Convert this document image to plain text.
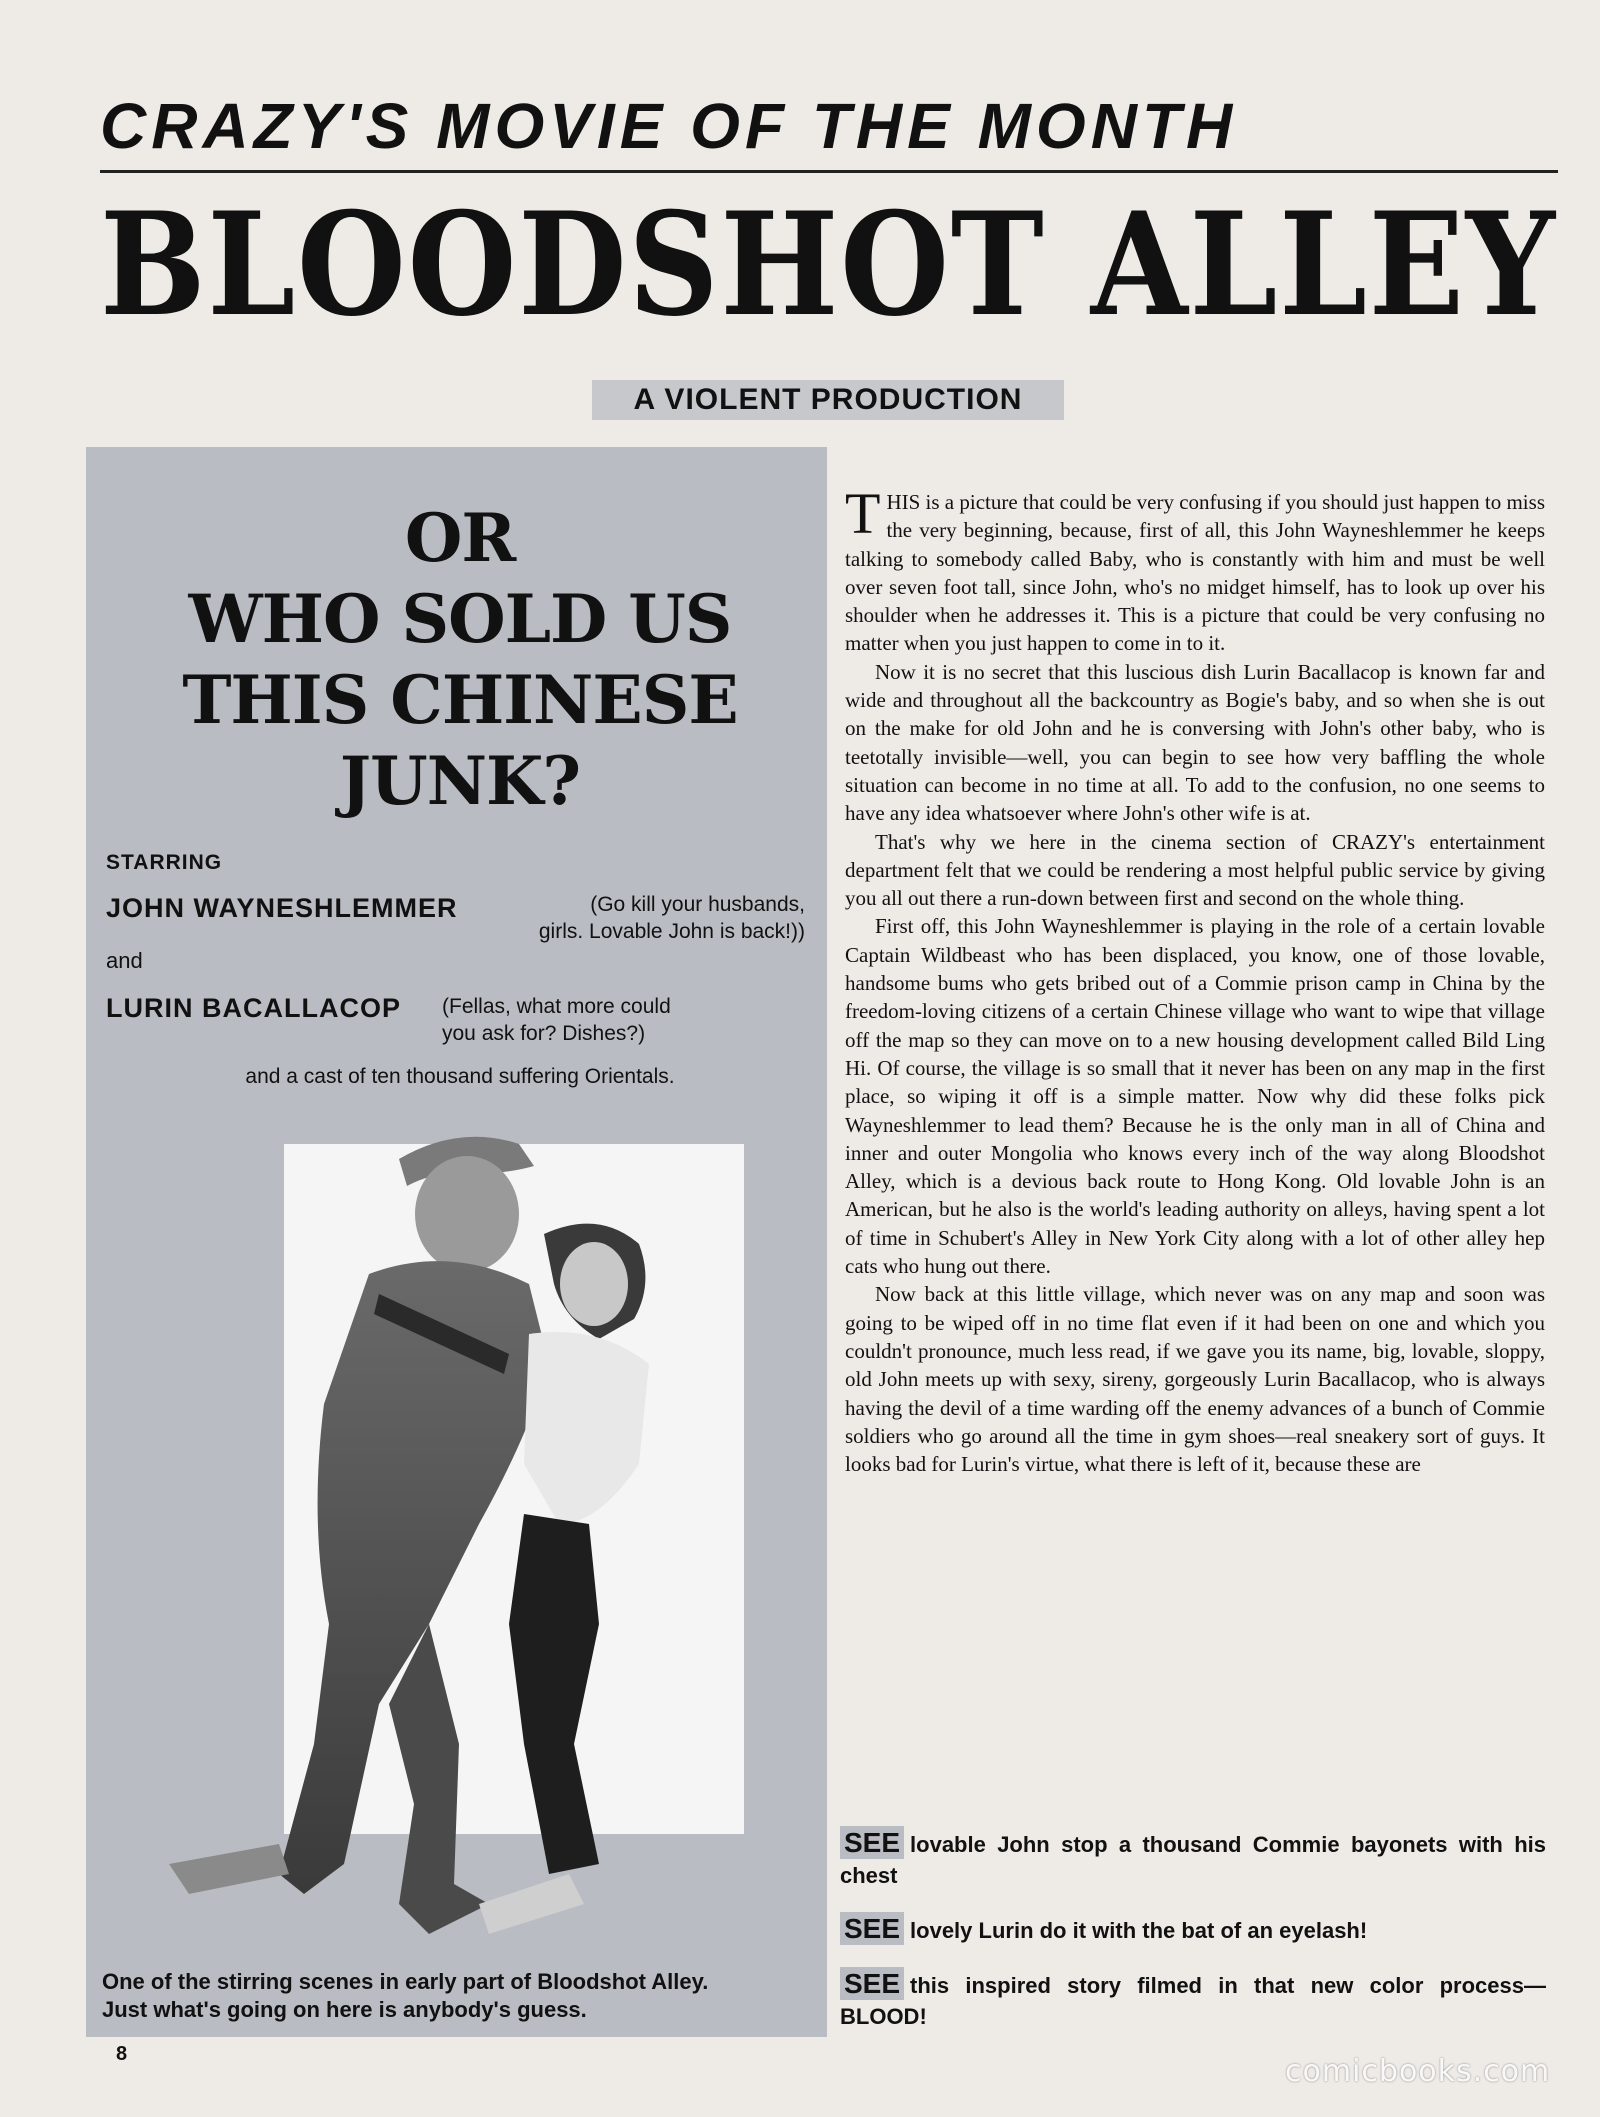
CRAZY'S MOVIE OF THE MONTH
BLOODSHOT ALLEY
A VIOLENT PRODUCTION
OR
WHO SOLD US
THIS CHINESE
JUNK?
STARRING
JOHN WAYNESHLEMMER	(Go kill your husbands,
girls. Lovable John is back!))
and
LURIN BACALLACOP (Fellas, what more could
you ask for? Dishes?)
and a cast of ten thousand suffering Orientals.
One of the stirring scenes in early part of Bloodshot Alley. Just what's going on here is anybody's guess.

THIS is a picture that could be very confusing if you should just happen to miss the very beginning, because, first of all, this John Wayneshlemmer he keeps talking to somebody called Baby, who is constantly with him and must be well over seven foot tall, since John, who's no midget himself, has to look up over his shoulder when he addresses it. This is a picture that could be very confusing no matter when you just happen to come in to it.

Now it is no secret that this luscious dish Lurin Bacallacop is known far and wide and throughout all the backcountry as Bogie's baby, and so when she is out on the make for old John and he is conversing with John's other baby, who is teetotally invisible—well, you can begin to see how very baffling the whole situation can become in no time at all. To add to the confusion, no one seems to have any idea whatsoever where John's other wife is at.

That's why we here in the cinema section of CRAZY's entertainment department felt that we could be rendering a most helpful public service by giving you all out there a run-down between first and second on the whole thing.

First off, this John Wayneshlemmer is playing in the role of a certain lovable Captain Wildbeast who has been displaced, you know, one of those lovable, handsome bums who gets bribed out of a Commie prison camp in China by the freedom-loving citizens of a certain Chinese village who want to wipe that village off the map so they can move on to a new housing development called Bild Ling Hi. Of course, the village is so small that it never has been on any map in the first place, so wiping it off is a simple matter. Now why did these folks pick Wayneshlemmer to lead them? Because he is the only man in all of China and inner and outer Mongolia who knows every inch of the way along Bloodshot Alley, which is a devious back route to Hong Kong. Old lovable John is an American, but he also is the world's leading authority on alleys, having spent a lot of time in Schubert's Alley in New York City along with a lot of other alley hep cats who hung out there.

Now back at this little village, which never was on any map and soon was going to be wiped off in no time flat even if it had been on one and which you couldn't pronounce, much less read, if we gave you its name, big, lovable, sloppy, old John meets up with sexy, sireny, gorgeously Lurin Bacallacop, who is always having the devil of a time warding off the enemy advances of a bunch of Commie soldiers who go around all the time in gym shoes—real sneakery sort of guys. It looks bad for Lurin's virtue, what there is left of it, because these are

SEE lovable John stop a thousand Commie bayonets with his chest
SEE lovely Lurin do it with the bat of an eyelash!
SEE this inspired story filmed in that new color process—BLOOD!
8	comicbooks.com
